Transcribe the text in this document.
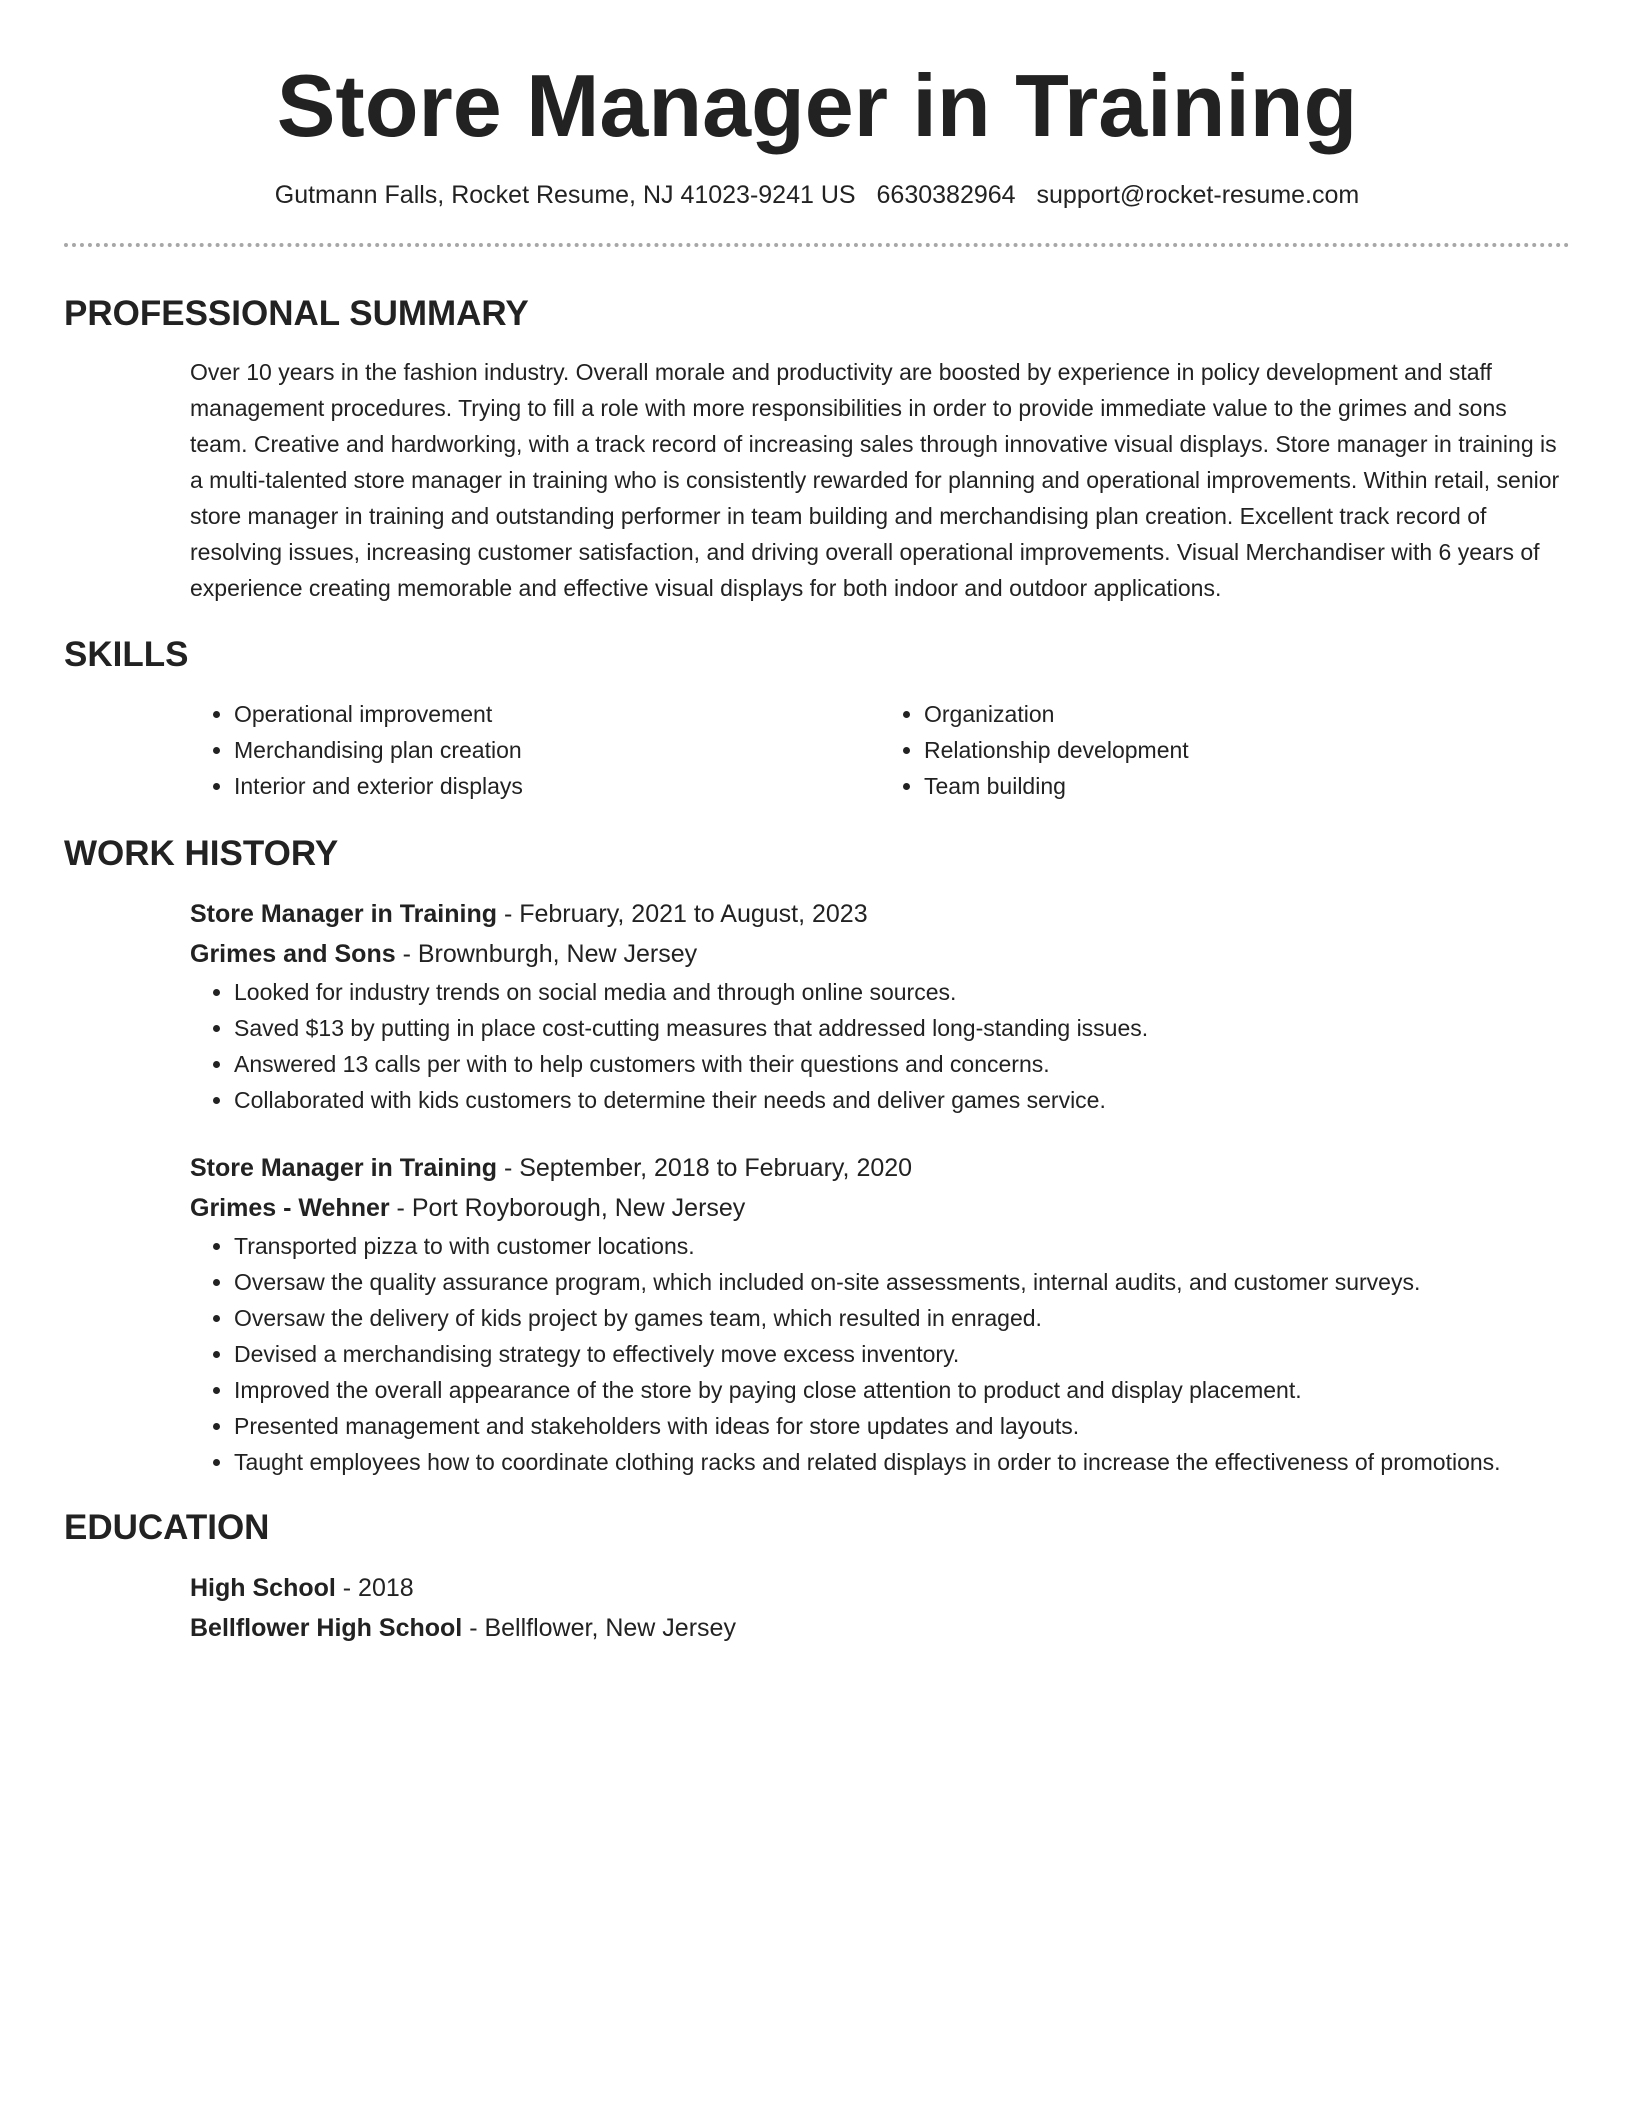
Store Manager in Training
Gutmann Falls, Rocket Resume, NJ 41023-9241 US 6630382964 support@rocket-resume.com
PROFESSIONAL SUMMARY
Over 10 years in the fashion industry. Overall morale and productivity are boosted by experience in policy development and staff management procedures. Trying to fill a role with more responsibilities in order to provide immediate value to the grimes and sons team. Creative and hardworking, with a track record of increasing sales through innovative visual displays. Store manager in training is a multi-talented store manager in training who is consistently rewarded for planning and operational improvements. Within retail, senior store manager in training and outstanding performer in team building and merchandising plan creation. Excellent track record of resolving issues, increasing customer satisfaction, and driving overall operational improvements. Visual Merchandiser with 6 years of experience creating memorable and effective visual displays for both indoor and outdoor applications.
SKILLS
• Operational improvement
• Merchandising plan creation
• Interior and exterior displays
• Organization
• Relationship development
• Team building
WORK HISTORY
Store Manager in Training - February, 2021 to August, 2023
Grimes and Sons - Brownburgh, New Jersey
• Looked for industry trends on social media and through online sources.
• Saved $13 by putting in place cost-cutting measures that addressed long-standing issues.
• Answered 13 calls per with to help customers with their questions and concerns.
• Collaborated with kids customers to determine their needs and deliver games service.
Store Manager in Training - September, 2018 to February, 2020
Grimes - Wehner - Port Royborough, New Jersey
• Transported pizza to with customer locations.
• Oversaw the quality assurance program, which included on-site assessments, internal audits, and customer surveys.
• Oversaw the delivery of kids project by games team, which resulted in enraged.
• Devised a merchandising strategy to effectively move excess inventory.
• Improved the overall appearance of the store by paying close attention to product and display placement.
• Presented management and stakeholders with ideas for store updates and layouts.
• Taught employees how to coordinate clothing racks and related displays in order to increase the effectiveness of promotions.
EDUCATION
High School - 2018
Bellflower High School - Bellflower, New Jersey
